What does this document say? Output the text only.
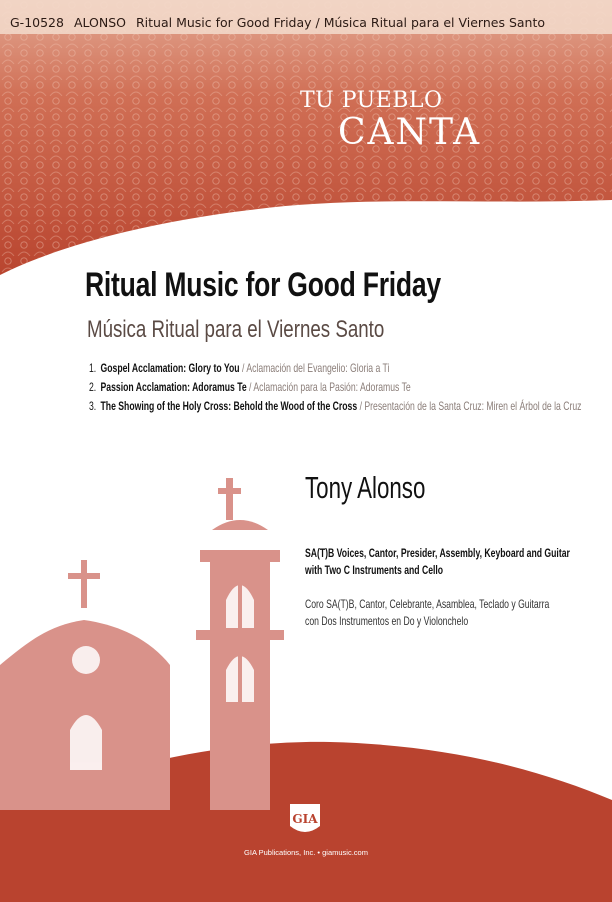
G-10528 ALONSO Ritual Music for Good Friday / Música Ritual para el Viernes Santo
TU PUEBLO
CANTA
Ritual Music for Good Friday
Música Ritual para el Viernes Santo
1. Gospel Acclamation: Glory to You / Aclamación del Evangelio: Gloria a Ti
2. Passion Acclamation: Adoramus Te / Aclamación para la Pasión: Adoramus Te
3. The Showing of the Holy Cross: Behold the Wood of the Cross / Presentación de la Santa Cruz: Miren el Árbol de la Cruz
Tony Alonso
SA(T)B Voices, Cantor, Presider, Assembly, Keyboard and Guitar
with Two C Instruments and Cello
Coro SA(T)B, Cantor, Celebrante, Asamblea, Teclado y Guitarra
con Dos Instrumentos en Do y Violonchelo
GIA
GIA Publications, Inc. • giamusic.com
